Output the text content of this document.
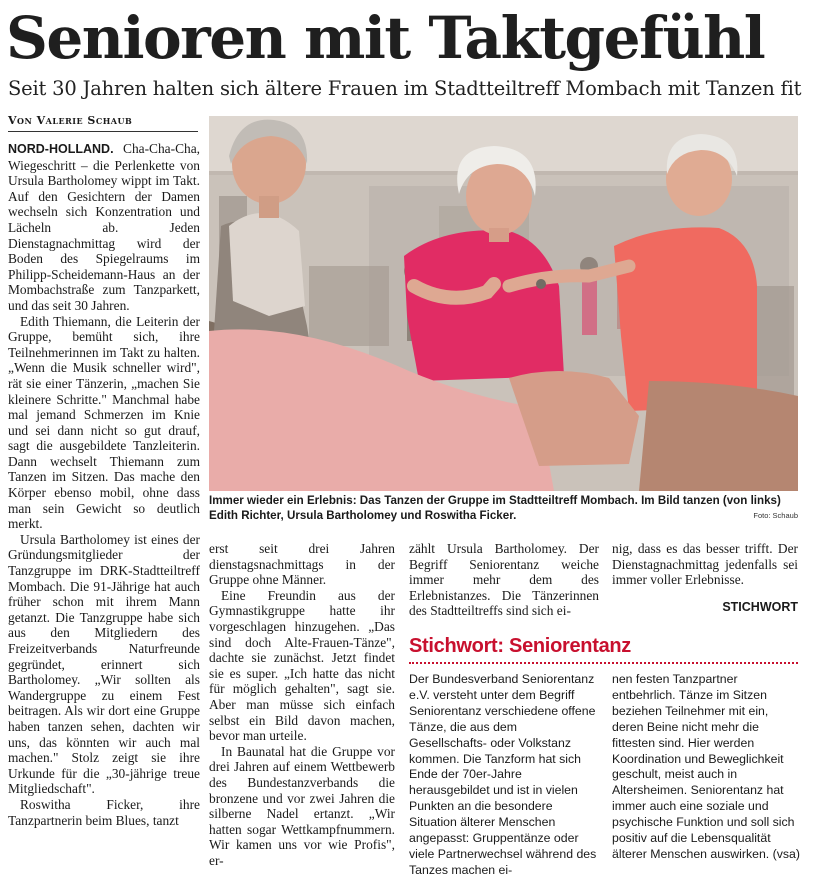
Senioren mit Taktgefühl
Seit 30 Jahren halten sich ältere Frauen im Stadtteiltreff Mombach mit Tanzen fit
Von Valerie Schaub

NORD-HOLLAND. Cha-Cha-Cha, Wiegeschritt – die Perlenkette von Ursula Bartholomey wippt im Takt. Auf den Gesichtern der Damen wechseln sich Konzentration und Lächeln ab. Jeden Dienstagnachmittag wird der Boden des Spiegelraums im Philipp-Scheidemann-Haus an der Mombachstraße zum Tanzparkett, und das seit 30 Jahren.

Edith Thiemann, die Leiterin der Gruppe, bemüht sich, ihre Teilnehmerinnen im Takt zu halten. „Wenn die Musik schneller wird", rät sie einer Tänzerin, „machen Sie kleinere Schritte." Manchmal habe mal jemand Schmerzen im Knie und sei dann nicht so gut drauf, sagt die ausgebildete Tanzleiterin. Dann wechselt Thiemann zum Tanzen im Sitzen. Das mache den Körper ebenso mobil, ohne dass man sein Gewicht so deutlich merkt.

Ursula Bartholomey ist eines der Gründungsmitglieder der Tanzgruppe im DRK-Stadtteiltreff Mombach. Die 91-Jährige hat auch früher schon mit ihrem Mann getanzt. Die Tanzgruppe habe sich aus den Mitgliedern des Freizeitverbands Naturfreunde gegründet, erinnert sich Bartholomey. „Wir sollten als Wandergruppe zu einem Fest beitragen. Als wir dort eine Gruppe haben tanzen sehen, dachten wir uns, das könnten wir auch mal machen." Stolz zeigt sie ihre Urkunde für die „30-jährige treue Mitgliedschaft".

Roswitha Ficker, ihre Tanzpartnerin beim Blues, tanzt

Immer wieder ein Erlebnis: Das Tanzen der Gruppe im Stadtteiltreff Mombach. Im Bild tanzen (von links) Edith Richter, Ursula Bartholomey und Roswitha Ficker.	Foto: Schaub

erst seit drei Jahren dienstagsnachmittags in der Gruppe ohne Männer.

Eine Freundin aus der Gymnastikgruppe hatte ihr vorgeschlagen hinzugehen. „Das sind doch Alte-Frauen-Tänze", dachte sie zunächst. Jetzt findet sie es super. „Ich hatte das nicht für möglich gehalten", sagt sie. Aber man müsse sich einfach selbst ein Bild davon machen, bevor man urteile.

In Baunatal hat die Gruppe vor drei Jahren auf einem Wettbewerb des Bundestanzverbands die bronzene und vor zwei Jahren die silberne Nadel ertanzt. „Wir hatten sogar Wettkampfnummern. Wir kamen uns vor wie Profis", er-

zählt Ursula Bartholomey. Der Begriff Seniorentanz weiche immer mehr dem des Erlebnistanzes. Die Tänzerinnen des Stadtteiltreffs sind sich ei-

nig, dass es das besser trifft. Der Dienstagnachmittag jedenfalls sei immer voller Erlebnisse.

STICHWORT
Stichwort: Seniorentanz

Der Bundesverband Seniorentanz e.V. versteht unter dem Begriff Seniorentanz verschiedene offene Tänze, die aus dem Gesellschafts- oder Volkstanz kommen. Die Tanzform hat sich Ende der 70er-Jahre herausgebildet und ist in vielen Punkten an die besondere Situation älterer Menschen angepasst: Gruppentänze oder viele Partnerwechsel während des Tanzes machen ei-

nen festen Tanzpartner entbehrlich. Tänze im Sitzen beziehen Teilnehmer mit ein, deren Beine nicht mehr die fittesten sind. Hier werden Koordination und Beweglichkeit geschult, meist auch in Altersheimen. Seniorentanz hat immer auch eine soziale und psychische Funktion und soll sich positiv auf die Lebensqualität älterer Menschen auswirken. (vsa)
